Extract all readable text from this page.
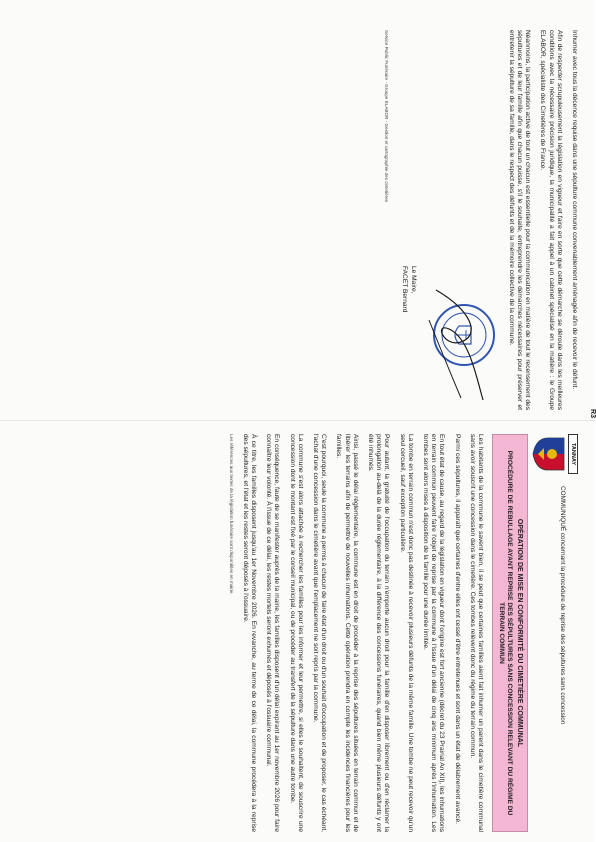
R3

Inhumer avec tous la décence requise dans une sépulture commune convenablement aménagée afin de recevoir le défunt.

Afin de respecter scrupuleusement la législation en vigueur et faire en sorte que cette démarche se déroule dans les meilleures conditions avec la nécessaire précision juridique, la municipalité a fait appel à un cabinet spécialisé en la matière : le Groupe ELABOR, spécialiste des Cimetières de France.

Néanmoins, la participation active de tout un chacun est essentielle pour la communication en matière de tout le recensement des sépultures et de leur famille afin que chacun puisse, s'il le souhaite, entreprendre les démarches nécessaires pour préserver et entretenir la sépulture de sa famille, dans le respect des défunts et de la mémoire collective de la commune.

Le Maire,
FACET Bernard

Service Public Funéraire - Groupe ELABOR - Gestion et cartographie des cimetières

TANNAY
COMMUNIQUÉ concernant la procédure de reprise des sépultures sans concession

OPÉRATION DE MISE EN CONFORMITÉ DU CIMETIÈRE COMMUNAL

PROCÉDURE DE REBULLAGE AYANT REPRISE DES SÉPULTURES SANS CONCESSION RELEVANT DU RÉGIME DU TERRAIN COMMUN

Les habitants de la commune le savent bien, il se peut que certaines familles aient fait inhumer un parent dans le cimetière communal sans avoir souscrit une concession dans le cimetière. Ces tombes relèvent donc du régime du terrain commun.

Parmi ces sépultures, il apparaît que certaines d'entre elles ont cessé d'être entretenues et sont dans un état de délabrement avancé.

En tout état de cause, au regard de la législation en vigueur dont l'origine est fort ancienne (décret du 23 Prairial An XII), les inhumations en terrain commun peuvent faire l'objet de reprise par la commune à l'issue d'un délai de cinq ans minimum après l'inhumation. Les tombes sont alors mises à disposition de la famille pour une durée limitée.

La tombe en terrain commun n'est donc pas destinée à recevoir plusieurs défunts de la même famille. Une tombe ne peut recevoir qu'un seul cercueil, sauf exception particulière.

Pour autant, la gratuité de l'occupation du terrain n'emporte aucun droit pour la famille d'en disposer librement ou d'en réclamer la prolongation au-delà de la durée réglementaire, à la différence des concessions funéraires, quand bien même plusieurs défunts y ont été inhumés.

Ainsi, passé le délai réglementaire, la commune est en droit de procéder à la reprise des sépultures situées en terrain commun et de libérer les terrains afin de permettre de nouvelles inhumations. Cette opération prendra en compte les incidences financières pour les familles.

C'est pourquoi, seule la commune a permis à chacun de faire état d'un droit ou d'un souhait d'occupation et de proposer, le cas échéant, l'achat d'une concession dans le cimetière avant que l'emplacement ne soit repris par la commune.

La commune s'est alors attachée à rechercher les familles pour les informer et leur permettre, si elles le souhaitent, de souscrire une concession dont le montant est fixé par le conseil municipal, ou de procéder au transfert de la sépulture dans une autre tombe.

En conséquence, faute de se manifester auprès de la mairie, les familles disposent d'un délai expirant au 1er novembre 2026 pour faire connaître leur volonté. À l'issue de ce délai, les restes mortels seront exhumés et déposés à l'ossuaire communal.

À ce titre, les familles disposent jusqu'au 1er Novembre 2026. En revanche, au terme de ce délai, la commune procédera à la reprise des sépultures, et l'état et les restes seront déposés à l'ossuaire.

Les références aux textes de la législation funéraire sont disponibles en mairie.
